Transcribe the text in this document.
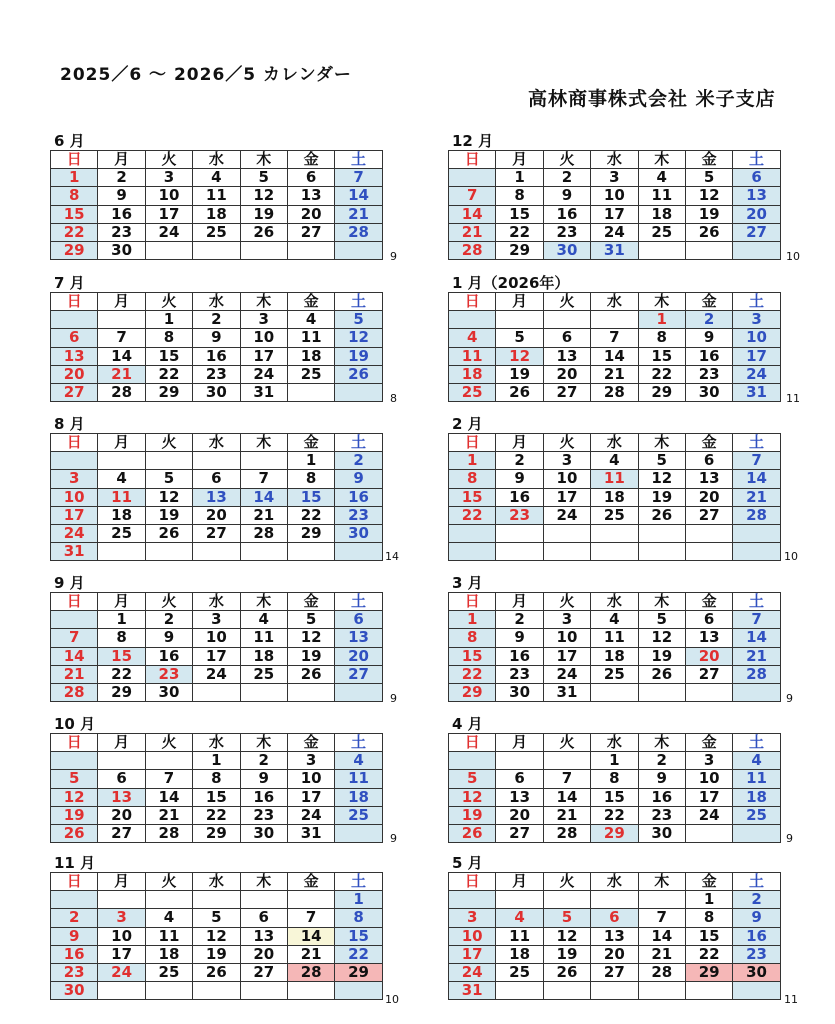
2025／6 ～ 2026／5 カレンダー
高林商事株式会社 米子支店
6 月
日	月	火	水	木	金	土
1	2	3	4	5	6	7
8	9	10	11	12	13	14
15	16	17	18	19	20	21
22	23	24	25	26	27	28
29	30						9
7 月
日	月	火	水	木	金	土
		1	2	3	4	5
6	7	8	9	10	11	12
13	14	15	16	17	18	19
20	21	22	23	24	25	26
27	28	29	30	31			8
8 月
日	月	火	水	木	金	土
					1	2
3	4	5	6	7	8	9
10	11	12	13	14	15	16
17	18	19	20	21	22	23
24	25	26	27	28	29	30
31							14
9 月
日	月	火	水	木	金	土
	1	2	3	4	5	6
7	8	9	10	11	12	13
14	15	16	17	18	19	20
21	22	23	24	25	26	27
28	29	30					9
10 月
日	月	火	水	木	金	土
			1	2	3	4
5	6	7	8	9	10	11
12	13	14	15	16	17	18
19	20	21	22	23	24	25
26	27	28	29	30	31		9
11 月
日	月	火	水	木	金	土
						1
2	3	4	5	6	7	8
9	10	11	12	13	14	15
16	17	18	19	20	21	22
23	24	25	26	27	28	29
30						
10
12 月
日	月	火	水	木	金	土
	1	2	3	4	5	6
7	8	9	10	11	12	13
14	15	16	17	18	19	20
21	22	23	24	25	26	27
28	29	30	31				10
1 月（2026年）
日	月	火	水	木	金	土
				1	2	3
4	5	6	7	8	9	10
11	12	13	14	15	16	17
18	19	20	21	22	23	24
25	26	27	28	29	30	31 11
2 月
日	月	火	水	木	金	土
1	2	3	4	5	6	7
8	9	10	11	12	13	14
15	16	17	18	19	20	21
22	23	24	25	26	27	28

10
3 月
日	月	火	水	木	金	土
1	2	3	4	5	6	7
8	9	10	11	12	13	14
15	16	17	18	19	20	21
22	23	24	25	26	27	28
29	30	31					9
4 月
日	月	火	水	木	金	土
			1	2	3	4
5	6	7	8	9	10	11
12	13	14	15	16	17	18
19	20	21	22	23	24	25
26	27	28	29	30			9
5 月
日	月	火	水	木	金	土
					1	2
3	4	5	6	7	8	9
10	11	12	13	14	15	16
17	18	19	20	21	22	23
24	25	26	27	28	29	30
31						
11
